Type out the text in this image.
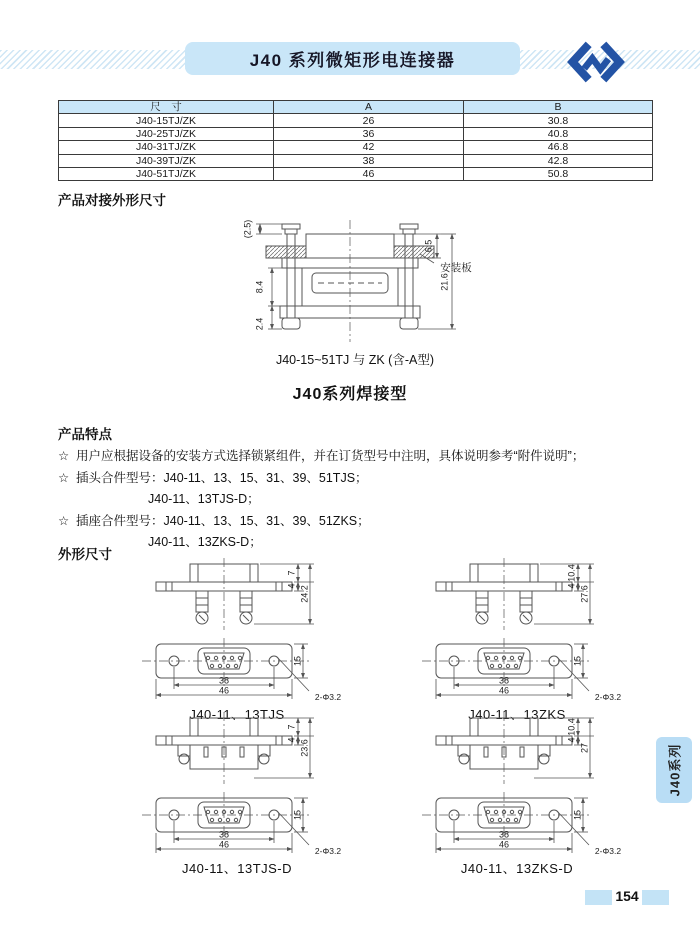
J40 系列微矩形电连接器
尺　寸	A	B
J40-15TJ/ZK	26	30.8
J40-25TJ/ZK	36	40.8
J40-31TJ/ZK	42	46.8
J40-39TJ/ZK	38	42.8
J40-51TJ/ZK	46	50.8
产品对接外形尺寸
(2.5)
8.4
2.4
6.5
21.6
安装板
J40-15~51TJ 与 ZK (含-A型)
J40系列焊接型
产品特点
☆ 用户应根据设备的安装方式选择锁紧组件，并在订货型号中注明，具体说明参考“附件说明”；
☆ 插头合件型号：J40-11、13、15、31、39、51TJS；
J40-11、13TJS-D；
☆ 插座合件型号：J40-11、13、15、31、39、51ZKS；
J40-11、13ZKS-D；
外形尺寸
7
4 24.2
15
38
46
2-Φ3.2
J40-11、13TJS
10.4
4 27.6
15
38
46
2-Φ3.2
J40-11、13ZKS
7
4 23.6
15
38
46
2-Φ3.2
J40-11、13TJS-D
10.4
4
27
15
38
46
2-Φ3.2
J40-11、13ZKS-D
J40系列
154
